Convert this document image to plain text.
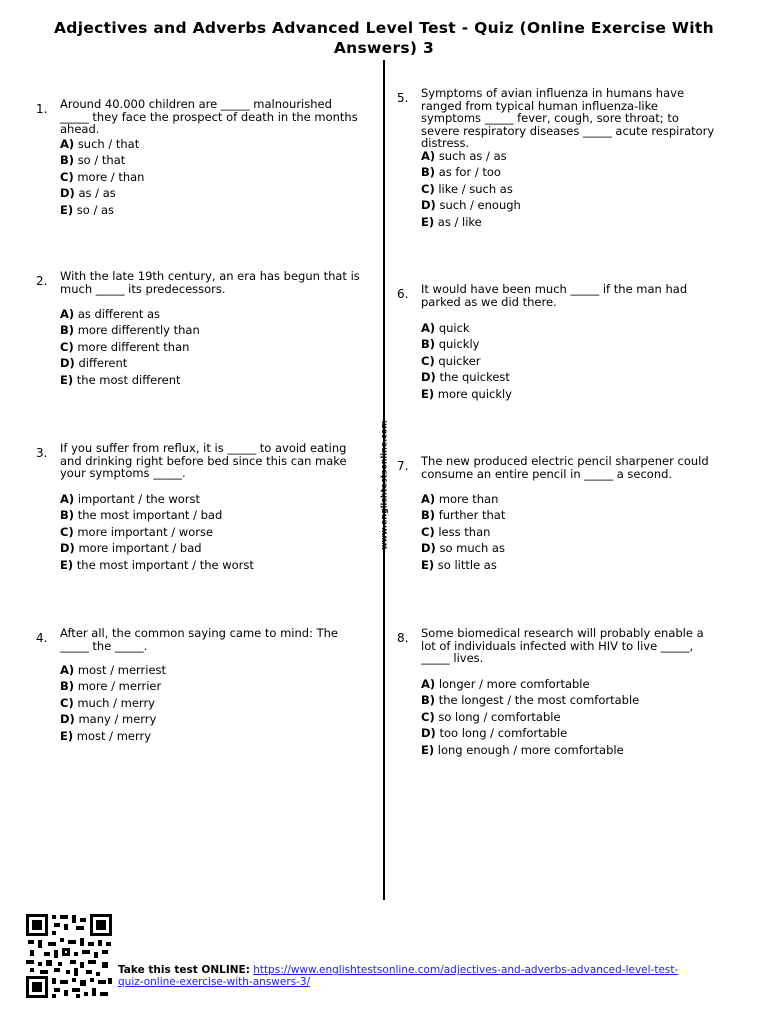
Adjectives and Adverbs Advanced Level Test - Quiz (Online Exercise With
Answers) 3
www.englishtestsonline.com
1. Around 40.000 children are _____ malnourished _____ they face the prospect of death in the months ahead.
A) such / that
B) so / that
C) more / than
D) as / as
E) so / as
2. With the late 19th century, an era has begun that is much _____ its predecessors.
A) as different as
B) more differently than
C) more different than
D) different
E) the most different
3. If you suffer from reflux, it is _____ to avoid eating and drinking right before bed since this can make your symptoms _____.
A) important / the worst
B) the most important / bad
C) more important / worse
D) more important / bad
E) the most important / the worst
4. After all, the common saying came to mind: The _____ the _____.
A) most / merriest
B) more / merrier
C) much / merry
D) many / merry
E) most / merry
5. Symptoms of avian influenza in humans have ranged from typical human influenza-like symptoms _____ fever, cough, sore throat; to severe respiratory diseases _____ acute respiratory distress.
A) such as / as
B) as for / too
C) like / such as
D) such / enough
E) as / like
6. It would have been much _____ if the man had parked as we did there.
A) quick
B) quickly
C) quicker
D) the quickest
E) more quickly
7. The new produced electric pencil sharpener could consume an entire pencil in _____ a second.
A) more than
B) further that
C) less than
D) so much as
E) so little as
8. Some biomedical research will probably enable a lot of individuals infected with HIV to live _____, _____ lives.
A) longer / more comfortable
B) the longest / the most comfortable
C) so long / comfortable
D) too long / comfortable
E) long enough / more comfortable
Take this test ONLINE: https://www.englishtestsonline.com/adjectives-and-adverbs-advanced-level-test-quiz-online-exercise-with-answers-3/
